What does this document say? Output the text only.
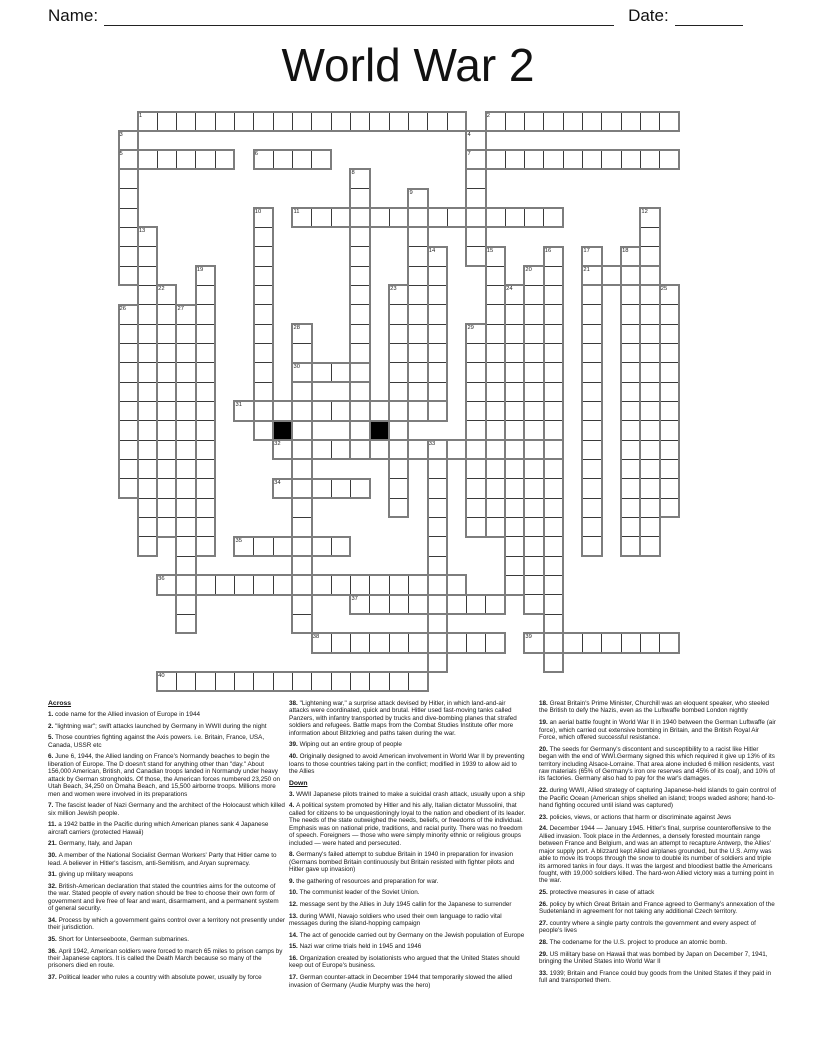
Name:	Date:
World War 2
1	2
3	4
5	6	7
8
9
10	11	12
13
14	15	16	17	18
19	20	21
22	23	24	25
26	27
28	29
30
31
32	33
34
35
36
37
38	39
40
Across
1. code name for the Allied invasion of Europe in 1944
2. "lightning war"; swift attacks launched by Germany in WWII during the night
5. Those countries fighting against the Axis powers. i.e. Britain, France, USA, Canada, USSR etc
6. June 6, 1944, the Allied landing on France's Normandy beaches to begin the liberation of Europe. The D doesn't stand for anything other than "day." About 156,000 American, British, and Canadian troops landed in Normandy under heavy attack by German strongholds. Of those, the American forces numbered 23,250 on Utah Beach, 34,250 on Omaha Beach, and 15,500 airborne troops. Millions more men and women were involved in its preparations
7. The fascist leader of Nazi Germany and the architect of the Holocaust which killed six million Jewish people.
11. a 1942 battle in the Pacific during which American planes sank 4 Japanese aircraft carriers (protected Hawaii)
21. Germany, Italy, and Japan
30. A member of the National Socialist German Workers' Party that Hitler came to lead. A believer in Hitler's fascism, anti-Semitism, and Aryan supremacy.
31. giving up military weapons
32. British-American declaration that stated the countries aims for the outcome of the war. Stated people of every nation should be free to choose their own form of government and live free of fear and want, disarmament, and a permanent system of general security.
34. Process by which a government gains control over a territory not presently under their jurisdiction.
35. Short for Unterseeboote, German submarines.
36. April 1942, American soldiers were forced to march 65 miles to prison camps by their Japanese captors. It is called the Death March because so many of the prisoners died en route.
37. Political leader who rules a country with absolute power, usually by force
38. "Lightening war," a surprise attack devised by Hitler, in which land-and-air attacks were coordinated, quick and brutal. Hitler used fast-moving tanks called Panzers, with infantry transported by trucks and dive-bombing planes that strafed soldiers and refugees. Battle maps from the Combat Studies Institute offer more information about Blitzkrieg and paths taken during the war.
39. Wiping out an entire group of people
40. Originally designed to avoid American involvement in World War II by preventing loans to those countries taking part in the conflict; modified in 1939 to allow aid to the Allies
Down
3. WWII Japanese pilots trained to make a suicidal crash attack, usually upon a ship
4. A political system promoted by Hitler and his ally, Italian dictator Mussolini, that called for citizens to be unquestioningly loyal to the nation and obedient of its leader. The needs of the state outweighed the needs, beliefs, or freedoms of the individual. Emphasis was on national pride, traditions, and racial purity. There was no freedom of speech. Foreigners — those who were simply minority ethnic or religious groups included — were hated and persecuted.
8. Germany's failed attempt to subdue Britain in 1940 in preparation for invasion (Germans bombed Britain continuously but Britain resisted with fighter pilots and Hitler gave up invasion)
9. the gathering of resources and preparation for war.
10. The communist leader of the Soviet Union.
12. message sent by the Allies in July 1945 callin for the Japanese to surrender
13. during WWII, Navajo soldiers who used their own language to radio vital messages during the island-hopping campaign
14. The act of genocide carried out by Germany on the Jewish population of Europe
15. Nazi war crime trials held in 1945 and 1946
16. Organization created by isolationists who argued that the United States should keep out of Europe's business.
17. German counter-attack in December 1944 that temporarily slowed the allied invasion of Germany (Audie Murphy was the hero)
18. Great Britain's Prime Minister, Churchill was an eloquent speaker, who steeled the British to defy the Nazis, even as the Luftwaffe bombed London nightly
19. an aerial battle fought in World War II in 1940 between the German Luftwaffe (air force), which carried out extensive bombing in Britain, and the British Royal Air Force, which offered successful resistance.
20. The seeds for Germany's discontent and susceptibility to a racist like Hitler began with the end of WWI.Germany signed this which required it give up 13% of its territory including Alsace-Lorraine. That area alone included 6 million residents, vast raw materials (65% of Germany's iron ore reserves and 45% of its coal), and 10% of its factories. Germany also had to pay for the war's damages.
22. during WWII, Allied strategy of capturing Japanese-held islands to gain control of the Pacific Ocean (American ships shelled an island; troops waded ashore; hand-to-hand fighting occured until island was captured)
23. policies, views, or actions that harm or discriminate against Jews
24. December 1944 — January 1945. Hitler's final, surprise counteroffensive to the Allied invasion. Took place in the Ardennes, a densely forested mountain range between France and Belgium, and was an attempt to recapture Antwerp, the Allies' major supply port. A blizzard kept Allied airplanes grounded, but the U.S. Army was able to move its troops through the snow to double its number of soldiers and triple its armored tanks in four days. It was the largest and bloodiest battle the Americans fought, with 19,000 soldiers killed. The hard-won Allied victory was a turning point in the war.
25. protective measures in case of attack
26. policy by which Great Britain and France agreed to Germany's annexation of the Sudetenland in agreement for not taking any additional Czech territory.
27. country where a single party controls the government and every aspect of people's lives
28. The codename for the U.S. project to produce an atomic bomb.
29. US military base on Hawaii that was bombed by Japan on December 7, 1941, bringing the United States into World War II
33. 1939; Britain and France could buy goods from the United States if they paid in full and transported them.
